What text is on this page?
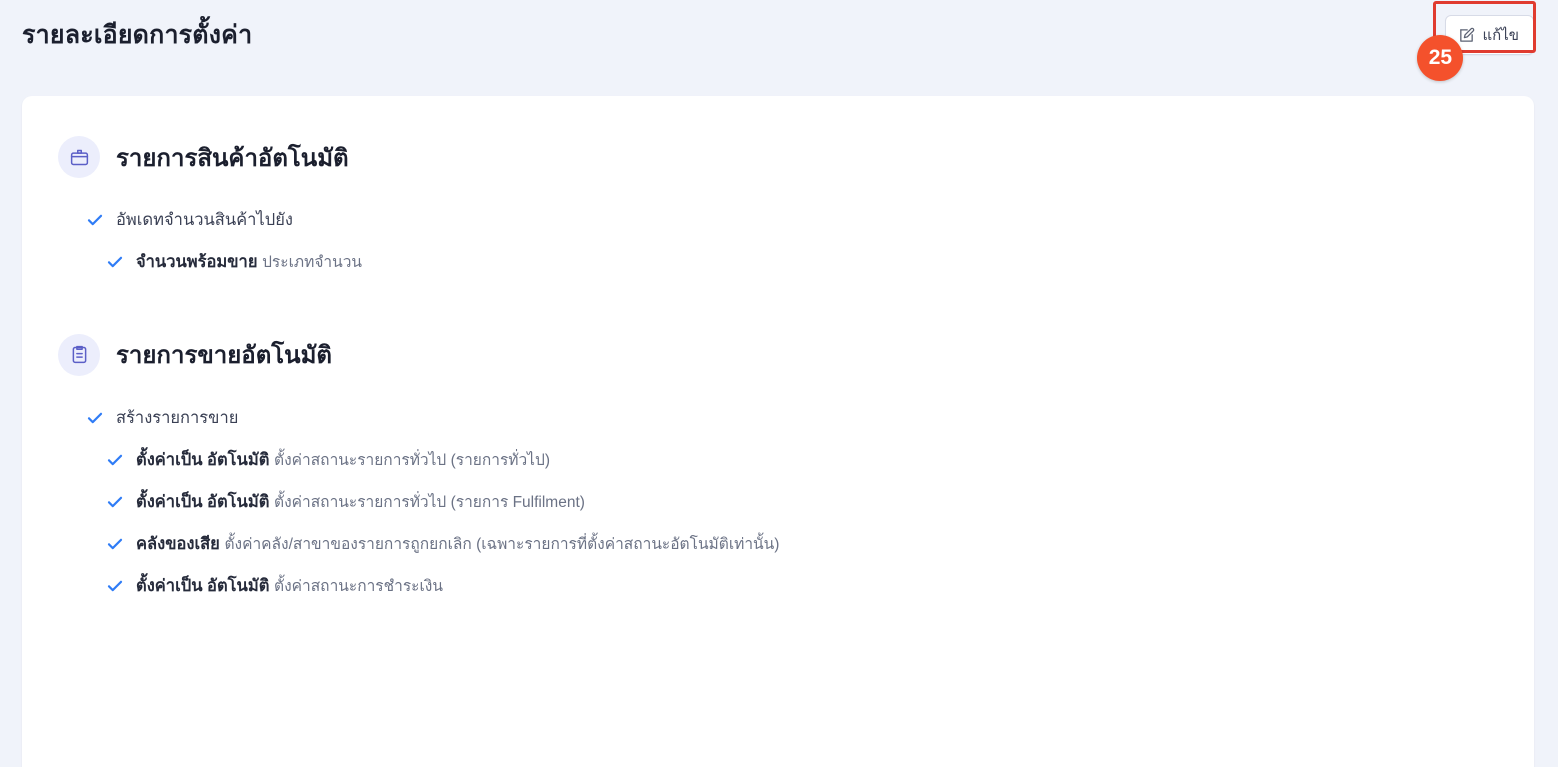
รายละเอียดการตั้งค่า	แก้ไข
25
รายการสินค้าอัตโนมัติ
อัพเดทจำนวนสินค้าไปยัง
จำนวนพร้อมขาย ประเภทจำนวน
รายการขายอัตโนมัติ
สร้างรายการขาย
ตั้งค่าเป็น อัตโนมัติ ตั้งค่าสถานะรายการทั่วไป (รายการทั่วไป)
ตั้งค่าเป็น อัตโนมัติ ตั้งค่าสถานะรายการทั่วไป (รายการ Fulfilment)
คลังของเสีย ตั้งค่าคลัง/สาขาของรายการถูกยกเลิก (เฉพาะรายการที่ตั้งค่าสถานะอัตโนมัติเท่านั้น)
ตั้งค่าเป็น อัตโนมัติ ตั้งค่าสถานะการชำระเงิน
